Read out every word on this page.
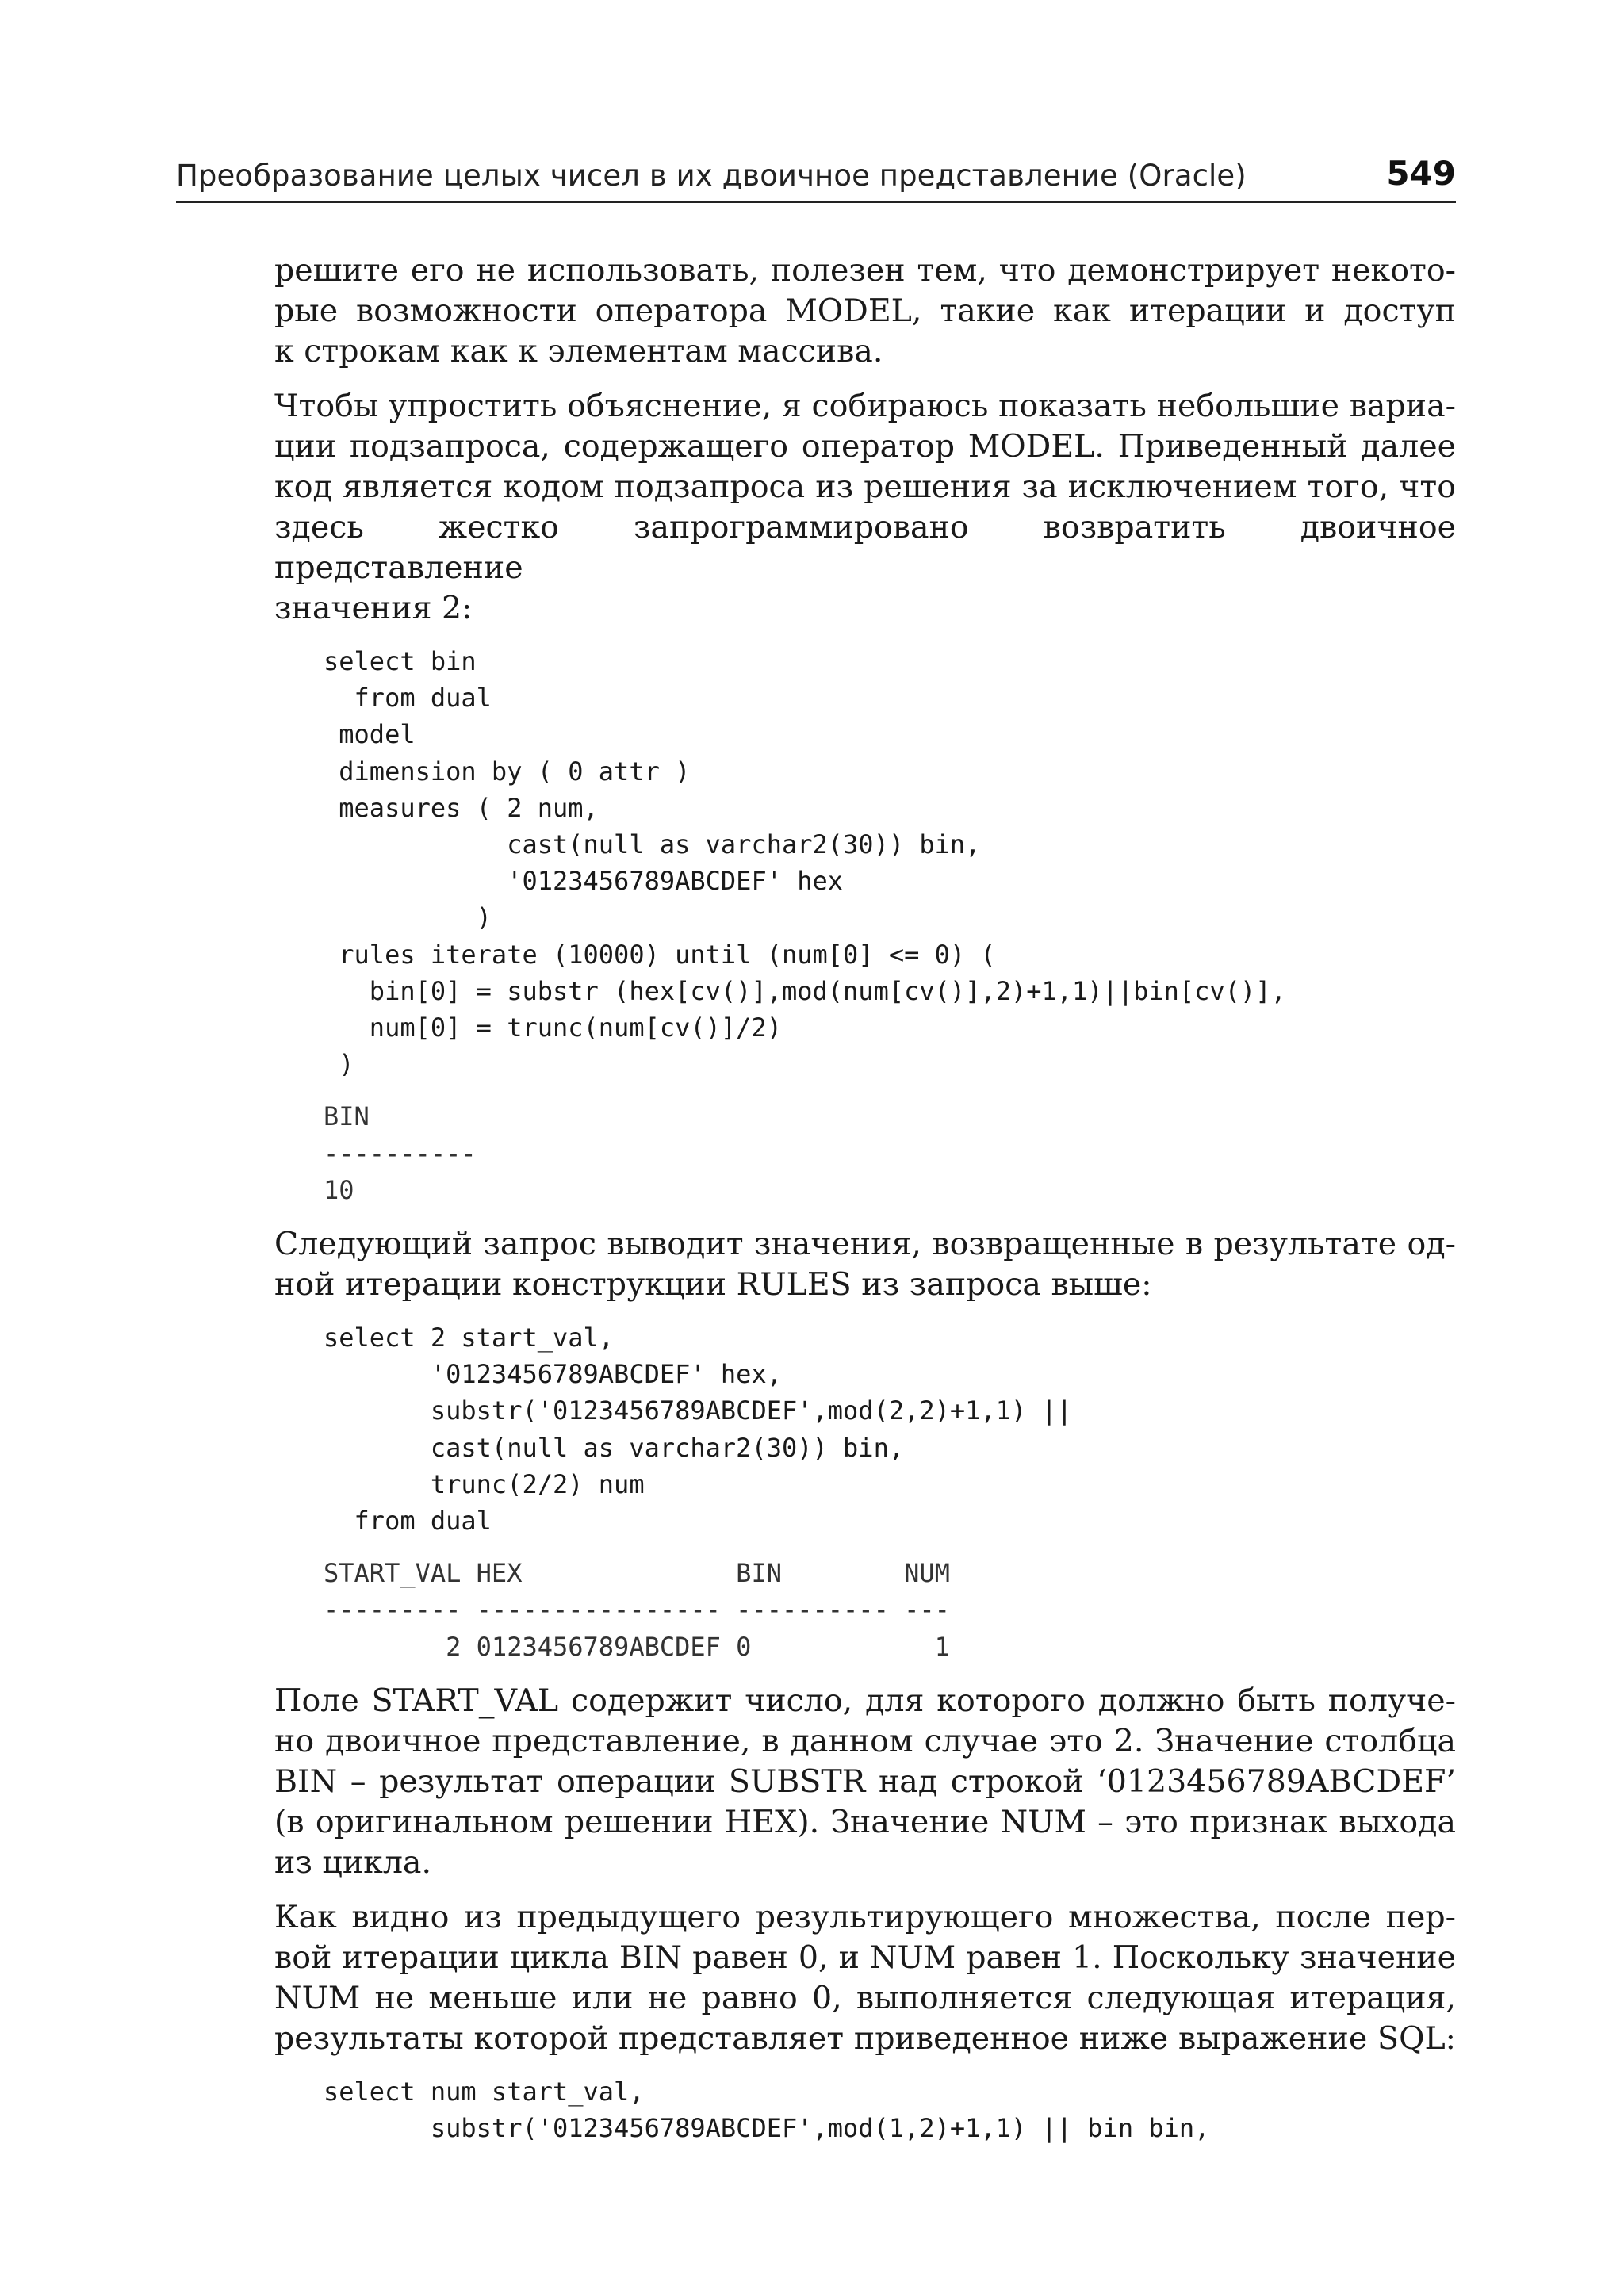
Преобразование целых чисел в их двоичное представление (Oracle)	549

решите его не использовать, полезен тем, что демонстрирует некото-
рые возможности оператора MODEL, такие как итерации и доступ
к строкам как к элементам массива.

Чтобы упростить объяснение, я собираюсь показать небольшие вариа-
ции подзапроса, содержащего оператор MODEL. Приведенный далее
код является кодом подзапроса из решения за исключением того, что
здесь жестко запрограммировано возвратить двоичное представление
значения 2:

select bin
from dual
model
dimension by ( 0 attr )
measures ( 2 num,
cast(null as varchar2(30)) bin,
'0123456789ABCDEF' hex
)
rules iterate (10000) until (num[0] <= 0) (
bin[0] = substr (hex[cv()],mod(num[cv()],2)+1,1)||bin[cv()],
num[0] = trunc(num[cv()]/2)
)
BIN
----------
10

Следующий запрос выводит значения, возвращенные в результате од-
ной итерации конструкции RULES из запроса выше:

select 2 start_val,
'0123456789ABCDEF' hex,
substr('0123456789ABCDEF',mod(2,2)+1,1) ||
cast(null as varchar2(30)) bin,
trunc(2/2) num
from dual
START_VAL HEX              BIN        NUM
--------- ---------------- ---------- ---
2 0123456789ABCDEF 0            1

Поле START_VAL содержит число, для которого должно быть получе-
но двоичное представление, в данном случае это 2. Значение столбца
BIN – результат операции SUBSTR над строкой ‘0123456789ABCDEF’
(в оригинальном решении HEX). Значение NUM – это признак выхода
из цикла.

Как видно из предыдущего результирующего множества, после пер-
вой итерации цикла BIN равен 0, и NUM равен 1. Поскольку значение
NUM не меньше или не равно 0, выполняется следующая итерация,
результаты которой представляет приведенное ниже выражение SQL:

select num start_val,
substr('0123456789ABCDEF',mod(1,2)+1,1) || bin bin,
